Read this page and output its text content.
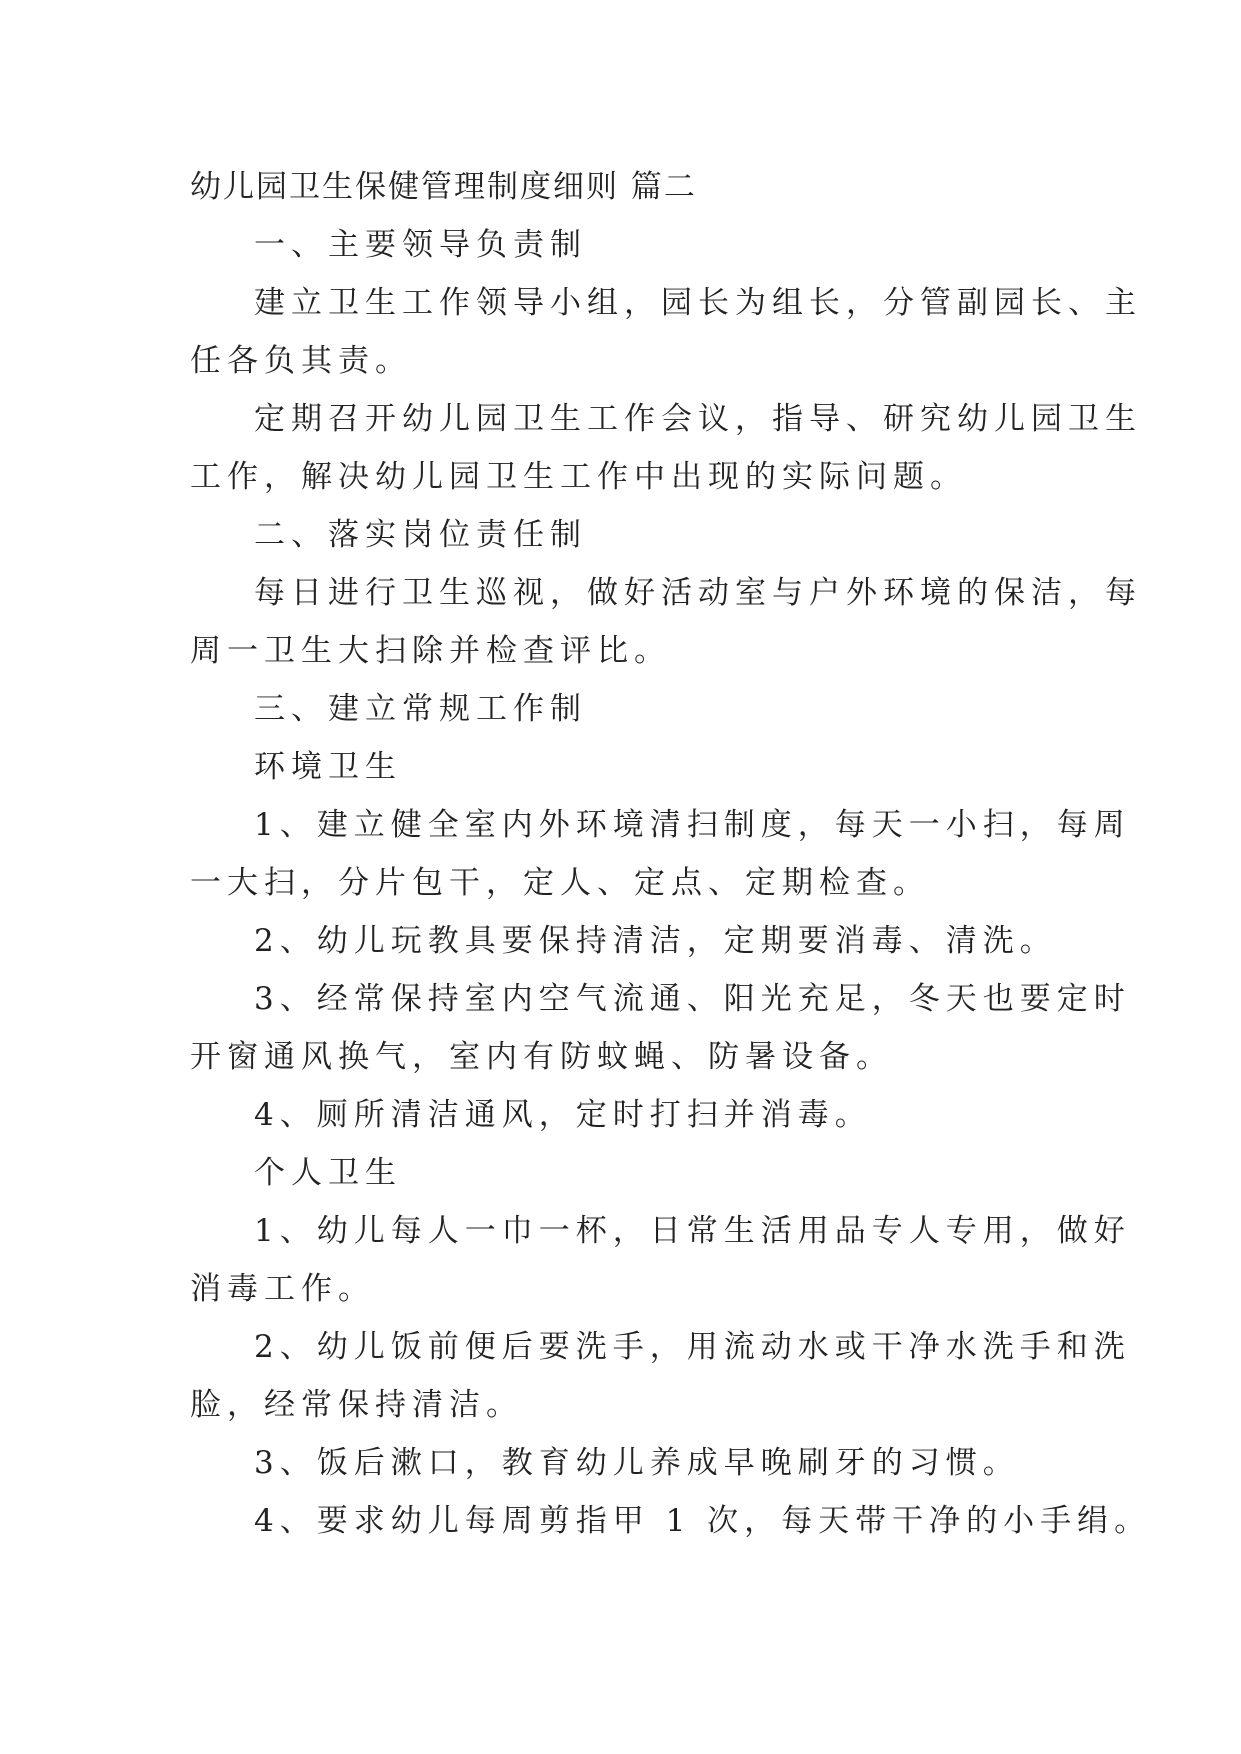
幼儿园卫生保健管理制度细则 篇二
一、主要领导负责制
建立卫生工作领导小组，园长为组长，分管副园长、主
任各负其责。
定期召开幼儿园卫生工作会议，指导、研究幼儿园卫生
工作，解决幼儿园卫生工作中出现的实际问题。
二、落实岗位责任制
每日进行卫生巡视，做好活动室与户外环境的保洁，每
周一卫生大扫除并检查评比。
三、建立常规工作制
环境卫生
1、建立健全室内外环境清扫制度，每天一小扫，每周
一大扫，分片包干，定人、定点、定期检查。
2、幼儿玩教具要保持清洁，定期要消毒、清洗。
3、经常保持室内空气流通、阳光充足，冬天也要定时
开窗通风换气，室内有防蚊蝇、防暑设备。
4、厕所清洁通风，定时打扫并消毒。
个人卫生
1、幼儿每人一巾一杯，日常生活用品专人专用，做好
消毒工作。
2、幼儿饭前便后要洗手，用流动水或干净水洗手和洗
脸，经常保持清洁。
3、饭后漱口，教育幼儿养成早晚刷牙的习惯。
4、要求幼儿每周剪指甲 1 次，每天带干净的小手绢。
